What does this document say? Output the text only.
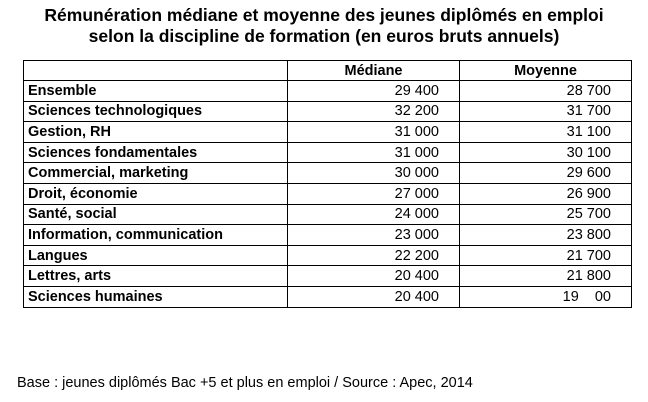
Rémunération médiane et moyenne des jeunes diplômés en emploi
selon la discipline de formation (en euros bruts annuels)
	Médiane	Moyenne
Ensemble	29 400	28 700
Sciences technologiques	32 200	31 700
Gestion, RH	31 000	31 100
Sciences fondamentales	31 000	30 100
Commercial, marketing	30 000	29 600
Droit, économie	27 000	26 900
Santé, social	24 000	25 700
Information, communication	23 000	23 800
Langues	22 200	21 700
Lettres, arts	20 400	21 800
Sciences humaines	20 400	19    00
Base : jeunes diplômés Bac +5 et plus en emploi / Source : Apec, 2014
